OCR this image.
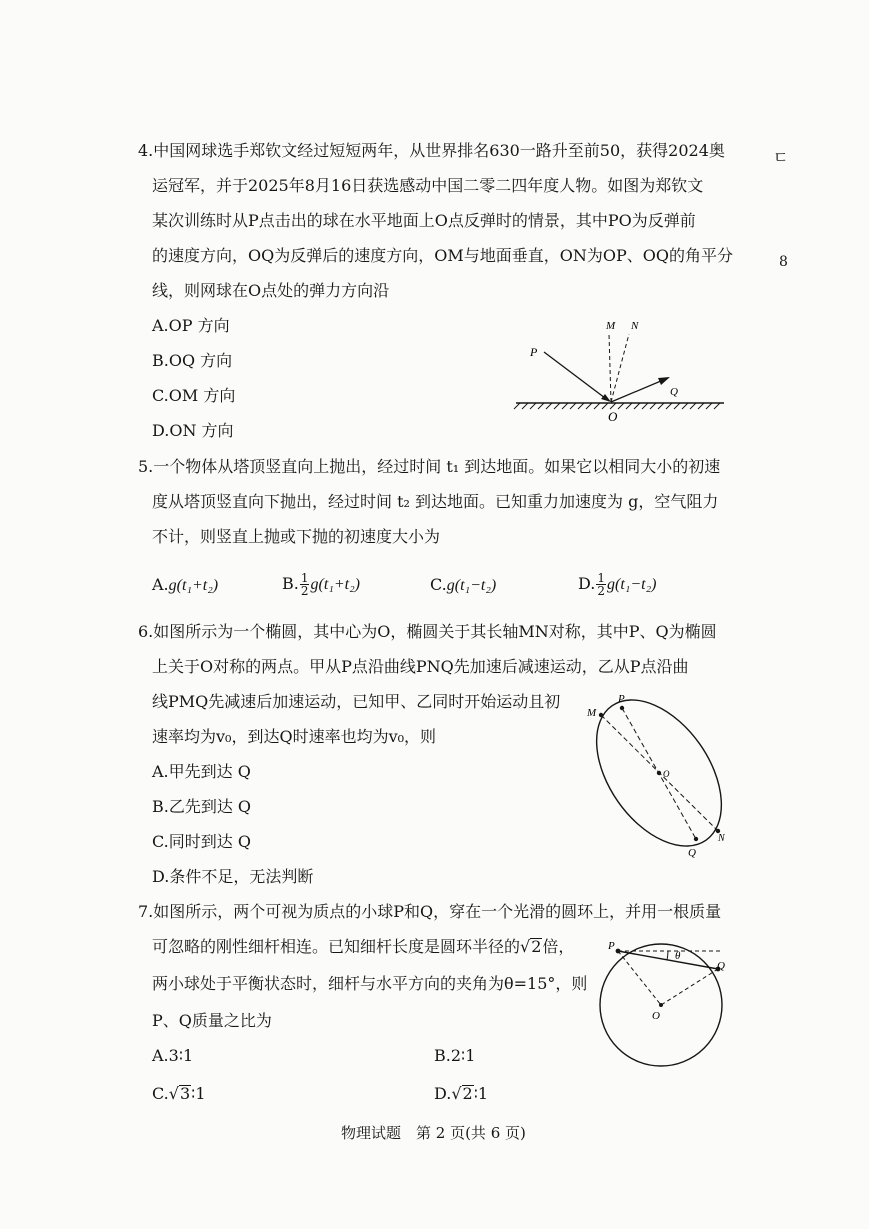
ㄷ
8
4.中国网球选手郑钦文经过短短两年，从世界排名630一路升至前50，获得2024奥
运冠军，并于2025年8月16日获选感动中国二零二四年度人物。如图为郑钦文
某次训练时从P点击出的球在水平地面上O点反弹时的情景，其中PO为反弹前
的速度方向，OQ为反弹后的速度方向，OM与地面垂直，ON为OP、OQ的角平分
线，则网球在O点处的弹力方向沿
A.OP 方向
B.OQ 方向
C.OM 方向
D.ON 方向
P
M N
Q
O
5.一个物体从塔顶竖直向上抛出，经过时间 t₁ 到达地面。如果它以相同大小的初速
度从塔顶竖直向下抛出，经过时间 t₂ 到达地面。已知重力加速度为 g，空气阻力
不计，则竖直上抛或下抛的初速度大小为
A.g(t₁+t₂)	B. $\frac{1}{2} g(t_1+t_2)$	C.g(t₁−t₂)	D. $\frac{1}{2} g(t_1-t_2)$
6.如图所示为一个椭圆，其中心为O，椭圆关于其长轴MN对称，其中P、Q为椭圆
上关于O对称的两点。甲从P点沿曲线PNQ先加速后减速运动，乙从P点沿曲
线PMQ先减速后加速运动，已知甲、乙同时开始运动且初
速率均为v₀，到达Q时速率也均为v₀，则
A.甲先到达 Q
B.乙先到达 Q
C.同时到达 Q
D.条件不足，无法判断
M
P
O
Q
N
7.如图所示，两个可视为质点的小球P和Q，穿在一个光滑的圆环上，并用一根质量
可忽略的刚性细杆相连。已知细杆长度是圆环半径的√2倍，
两小球处于平衡状态时，细杆与水平方向的夹角为θ=15°，则
P、Q质量之比为
A.3∶1	B.2∶1
C.√3∶1	D.√2∶1
P
Q
O
θ
物理试题　第 2 页(共 6 页)
